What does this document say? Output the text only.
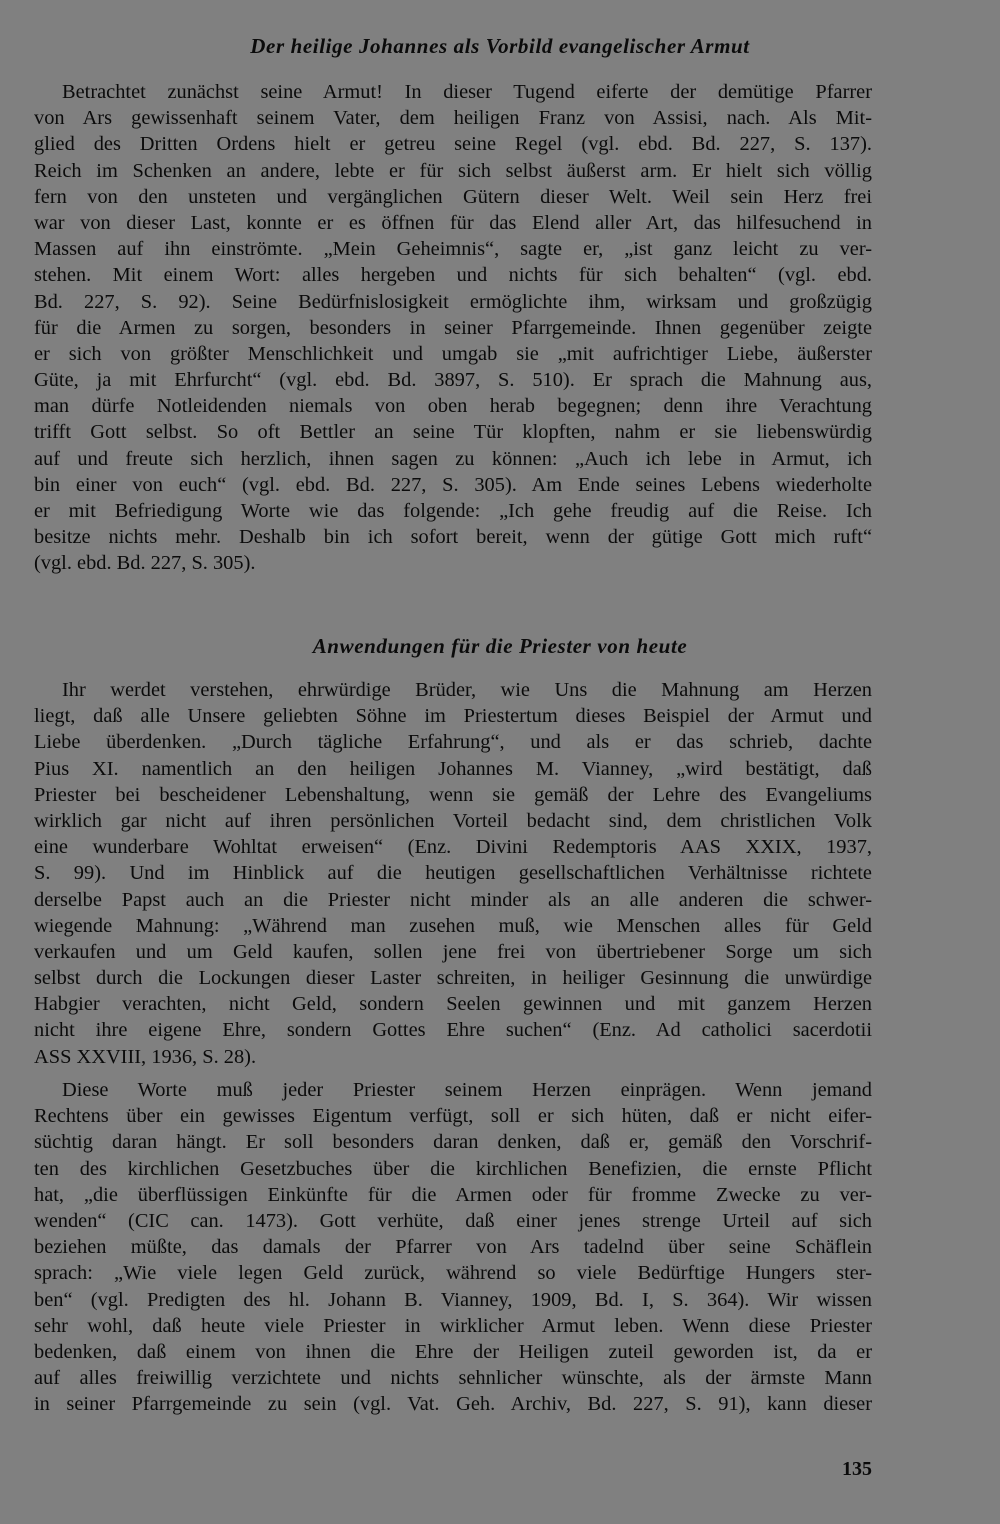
Der heilige Johannes als Vorbild evangelischer Armut
Betrachtet zunächst seine Armut! In dieser Tugend eiferte der demütige Pfarrer
von Ars gewissenhaft seinem Vater, dem heiligen Franz von Assisi, nach. Als Mit-
glied des Dritten Ordens hielt er getreu seine Regel (vgl. ebd. Bd. 227, S. 137).
Reich im Schenken an andere, lebte er für sich selbst äußerst arm. Er hielt sich völlig
fern von den unsteten und vergänglichen Gütern dieser Welt. Weil sein Herz frei
war von dieser Last, konnte er es öffnen für das Elend aller Art, das hilfesuchend in
Massen auf ihn einströmte. „Mein Geheimnis“, sagte er, „ist ganz leicht zu ver-
stehen. Mit einem Wort: alles hergeben und nichts für sich behalten“ (vgl. ebd.
Bd. 227, S. 92). Seine Bedürfnislosigkeit ermöglichte ihm, wirksam und großzügig
für die Armen zu sorgen, besonders in seiner Pfarrgemeinde. Ihnen gegenüber zeigte
er sich von größter Menschlichkeit und umgab sie „mit aufrichtiger Liebe, äußerster
Güte, ja mit Ehrfurcht“ (vgl. ebd. Bd. 3897, S. 510). Er sprach die Mahnung aus,
man dürfe Notleidenden niemals von oben herab begegnen; denn ihre Verachtung
trifft Gott selbst. So oft Bettler an seine Tür klopften, nahm er sie liebenswürdig
auf und freute sich herzlich, ihnen sagen zu können: „Auch ich lebe in Armut, ich
bin einer von euch“ (vgl. ebd. Bd. 227, S. 305). Am Ende seines Lebens wiederholte
er mit Befriedigung Worte wie das folgende: „Ich gehe freudig auf die Reise. Ich
besitze nichts mehr. Deshalb bin ich sofort bereit, wenn der gütige Gott mich ruft“
(vgl. ebd. Bd. 227, S. 305).
Anwendungen für die Priester von heute
Ihr werdet verstehen, ehrwürdige Brüder, wie Uns die Mahnung am Herzen
liegt, daß alle Unsere geliebten Söhne im Priestertum dieses Beispiel der Armut und
Liebe überdenken. „Durch tägliche Erfahrung“, und als er das schrieb, dachte
Pius XI. namentlich an den heiligen Johannes M. Vianney, „wird bestätigt, daß
Priester bei bescheidener Lebenshaltung, wenn sie gemäß der Lehre des Evangeliums
wirklich gar nicht auf ihren persönlichen Vorteil bedacht sind, dem christlichen Volk
eine wunderbare Wohltat erweisen“ (Enz. Divini Redemptoris AAS XXIX, 1937,
S. 99). Und im Hinblick auf die heutigen gesellschaftlichen Verhältnisse richtete
derselbe Papst auch an die Priester nicht minder als an alle anderen die schwer-
wiegende Mahnung: „Während man zusehen muß, wie Menschen alles für Geld
verkaufen und um Geld kaufen, sollen jene frei von übertriebener Sorge um sich
selbst durch die Lockungen dieser Laster schreiten, in heiliger Gesinnung die unwürdige
Habgier verachten, nicht Geld, sondern Seelen gewinnen und mit ganzem Herzen
nicht ihre eigene Ehre, sondern Gottes Ehre suchen“ (Enz. Ad catholici sacerdotii
ASS XXVIII, 1936, S. 28).
Diese Worte muß jeder Priester seinem Herzen einprägen. Wenn jemand
Rechtens über ein gewisses Eigentum verfügt, soll er sich hüten, daß er nicht eifer-
süchtig daran hängt. Er soll besonders daran denken, daß er, gemäß den Vorschrif-
ten des kirchlichen Gesetzbuches über die kirchlichen Benefizien, die ernste Pflicht
hat, „die überflüssigen Einkünfte für die Armen oder für fromme Zwecke zu ver-
wenden“ (CIC can. 1473). Gott verhüte, daß einer jenes strenge Urteil auf sich
beziehen müßte, das damals der Pfarrer von Ars tadelnd über seine Schäflein
sprach: „Wie viele legen Geld zurück, während so viele Bedürftige Hungers ster-
ben“ (vgl. Predigten des hl. Johann B. Vianney, 1909, Bd. I, S. 364). Wir wissen
sehr wohl, daß heute viele Priester in wirklicher Armut leben. Wenn diese Priester
bedenken, daß einem von ihnen die Ehre der Heiligen zuteil geworden ist, da er
auf alles freiwillig verzichtete und nichts sehnlicher wünschte, als der ärmste Mann
in seiner Pfarrgemeinde zu sein (vgl. Vat. Geh. Archiv, Bd. 227, S. 91), kann dieser

135
